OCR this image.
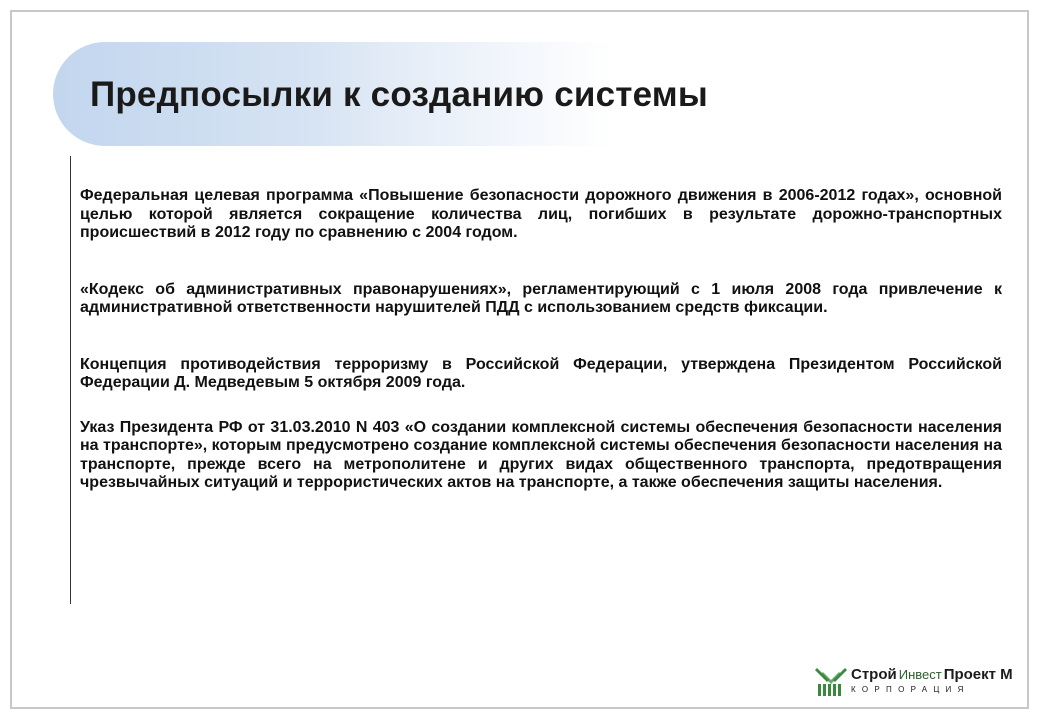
Предпосылки к созданию системы

Федеральная целевая программа «Повышение безопасности дорожного движения в 2006-2012 годах», основной целью которой является сокращение количества лиц, погибших в результате дорожно-транспортных происшествий в 2012 году по сравнению с 2004 годом.

«Кодекс об административных правонарушениях», регламентирующий с 1 июля 2008 года привлечение к административной ответственности нарушителей ПДД с использованием средств фиксации.

Концепция противодействия терроризму в Российской Федерации, утверждена Президентом Российской Федерации Д. Медведевым 5 октября 2009 года.

Указ Президента РФ от 31.03.2010 N 403 «О создании комплексной системы обеспечения безопасности населения на транспорте», которым предусмотрено создание комплексной системы обеспечения безопасности населения на транспорте, прежде всего на метрополитене и других видах общественного транспорта, предотвращения чрезвычайных ситуаций и террористических актов на транспорте, а также обеспечения защиты населения.

Строй Инвест Проект М
КОРПОРАЦИЯ
